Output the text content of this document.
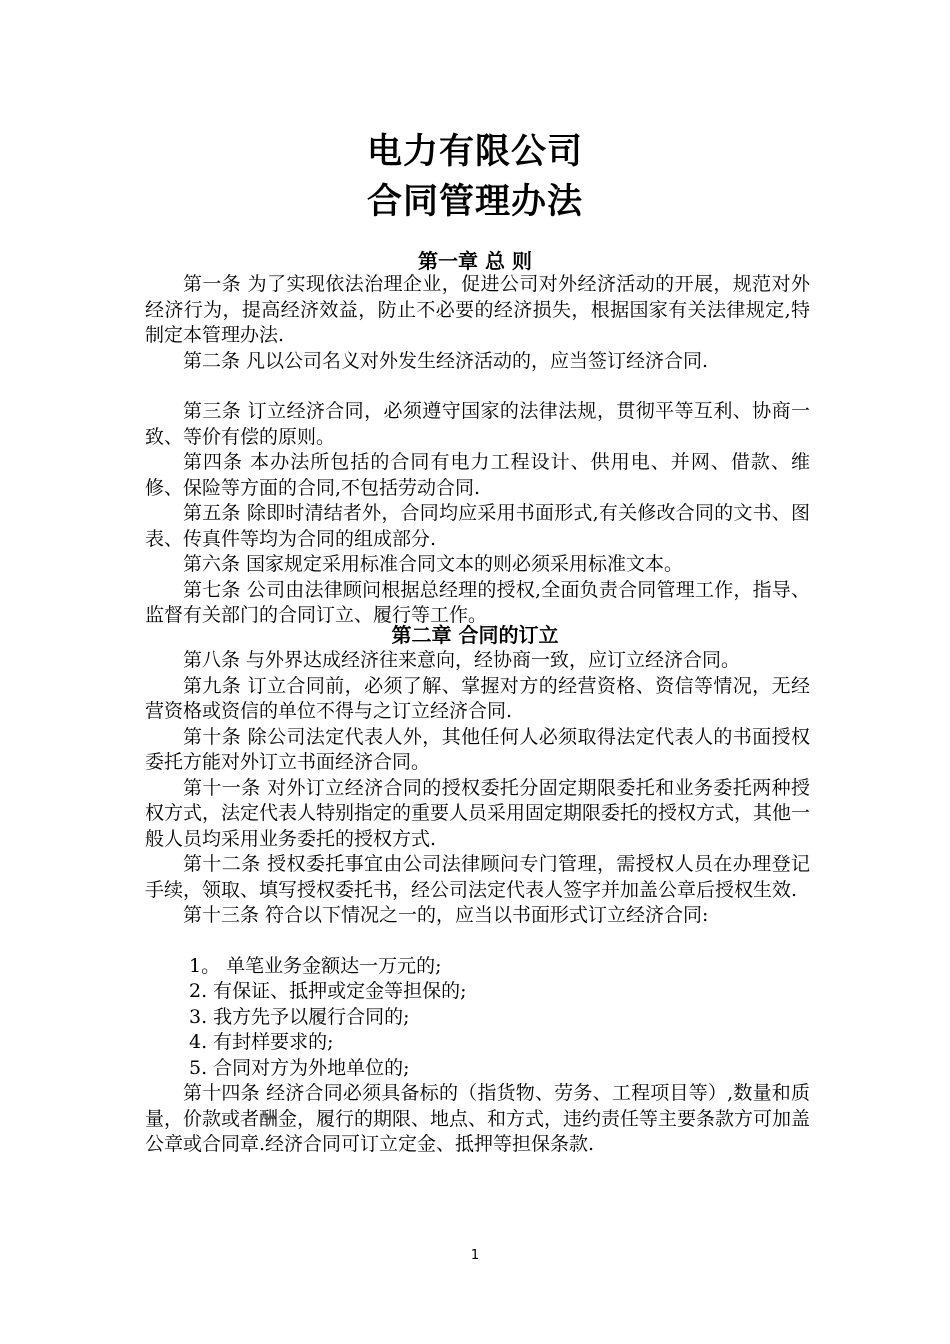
电力有限公司
合同管理办法
第一章 总 则

第一条 为了实现依法治理企业，促进公司对外经济活动的开展，规范对外经济行为，提高经济效益，防止不必要的经济损失，根据国家有关法律规定,特制定本管理办法.

第二条 凡以公司名义对外发生经济活动的，应当签订经济合同.

第三条 订立经济合同，必须遵守国家的法律法规，贯彻平等互利、协商一致、等价有偿的原则。

第四条 本办法所包括的合同有电力工程设计、供用电、并网、借款、维修、保险等方面的合同,不包括劳动合同.

第五条 除即时清结者外，合同均应采用书面形式,有关修改合同的文书、图表、传真件等均为合同的组成部分.

第六条 国家规定采用标准合同文本的则必须采用标准文本。

第七条 公司由法律顾问根据总经理的授权,全面负责合同管理工作，指导、监督有关部门的合同订立、履行等工作。

第二章 合同的订立

第八条 与外界达成经济往来意向，经协商一致，应订立经济合同。

第九条 订立合同前，必须了解、掌握对方的经营资格、资信等情况，无经营资格或资信的单位不得与之订立经济合同.

第十条 除公司法定代表人外，其他任何人必须取得法定代表人的书面授权委托方能对外订立书面经济合同。

第十一条 对外订立经济合同的授权委托分固定期限委托和业务委托两种授权方式，法定代表人特别指定的重要人员采用固定期限委托的授权方式，其他一般人员均采用业务委托的授权方式.

第十二条 授权委托事宜由公司法律顾问专门管理，需授权人员在办理登记手续，领取、填写授权委托书，经公司法定代表人签字并加盖公章后授权生效.

第十三条 符合以下情况之一的，应当以书面形式订立经济合同:

1。 单笔业务金额达一万元的;

2. 有保证、抵押或定金等担保的;

3. 我方先予以履行合同的;

4. 有封样要求的;

5. 合同对方为外地单位的;

第十四条 经济合同必须具备标的（指货物、劳务、工程项目等）,数量和质量，价款或者酬金，履行的期限、地点、和方式，违约责任等主要条款方可加盖公章或合同章.经济合同可订立定金、抵押等担保条款.

1
